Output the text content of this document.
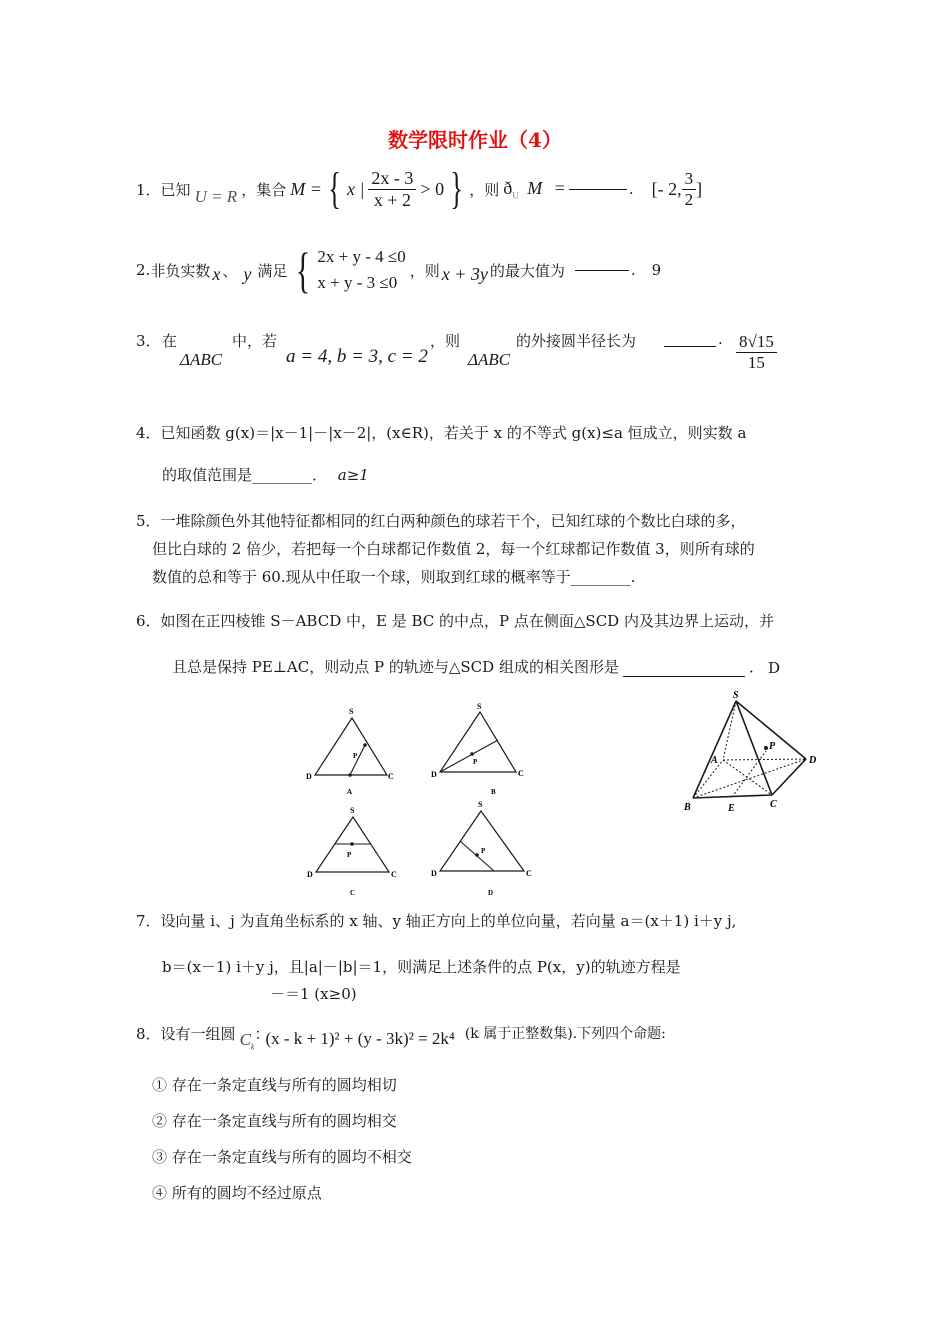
数学限时作业（4）
1． 已知 U = R ，集合 M = { x | $\frac{2x - 3}{x + 2} > 0$ } ，则 $ð_U$ M =	. [- 2, $\frac{3}{2}$ ]
2. 非负实数 x 、 y 满足 { 2x + y - 4 ≤0
x + y - 3 ≤0
，则 x + 3y 的最大值为	. 9
3． 在
ΔABC
中，若
a = 4, b = 3, c = 2
，则
ΔABC
的外接圆半径长为	. $\frac{8√15}{15}$
4．已知函数 g(x)＝|x－1|－|x－2|，(x∈R)，若关于 x 的不等式 g(x)≤a 恒成立，则实数 a
的取值范围是________． a≥1
5．一堆除颜色外其他特征都相同的红白两种颜色的球若干个，已知红球的个数比白球的多，
但比白球的 2 倍少，若把每一个白球都记作数值 2，每一个红球都记作数值 3，则所有球的
数值的总和等于 60.现从中任取一个球，则取到红球的概率等于________.
6．如图在正四棱锥 S－ABCD 中，E 是 BC 的中点，P 点在侧面△SCD 内及其边界上运动，并
且总是保持 PE⊥AC，则动点 P 的轨迹与△SCD 组成的相关图形是	． D
S
D	C
P
A
S
D	C
P
B
S
D	C
P
C
S
D	C
P
D
S
A
B	C
D
E
P
7．设向量 i、j 为直角坐标系的 x 轴、y 轴正方向上的单位向量，若向量 a＝(x＋1) i＋y j,
b＝(x－1) i＋y j，且|a|－|b|＝1，则满足上述条件的点 P(x，y)的轨迹方程是
－＝1 (x≥0)
8． 设有一组圆 $C_k$
：
(x - k + 1)² + (y - 3k)² = 2k⁴ (k 属于正整数集).下列四个命题:
① 存在一条定直线与所有的圆均相切
② 存在一条定直线与所有的圆均相交
③ 存在一条定直线与所有的圆均不相交
④ 所有的圆均不经过原点
